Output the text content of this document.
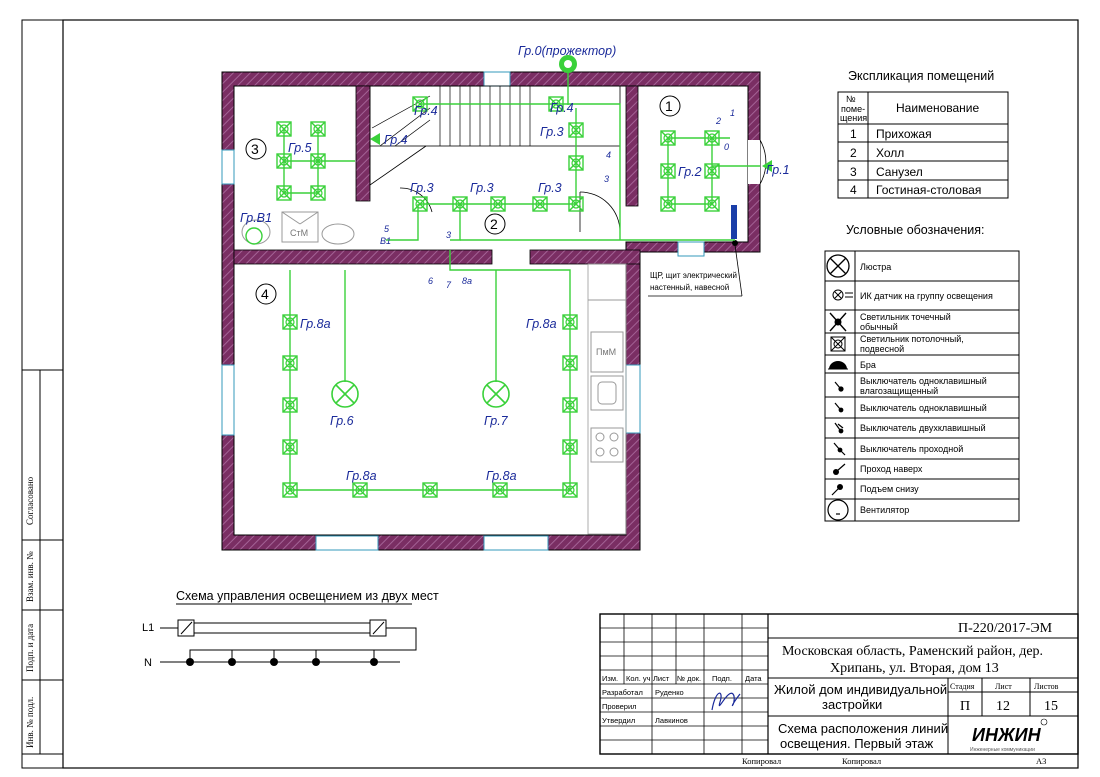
Согласовано
Взам. инв. №
Подп. и дата
Инв. № подл.
ПмМ
СтМ
ЩР, щит электрический
настенный, навесной
1
2
3
4
Гр.0(прожектор)
Гр.4	Гр.4
Гр.4
Гр.3
Гр.3	Гр.3	Гр.3
Гр.5
Гр.2	Гр.1
Гр.В1
Гр.8а	Гр.8а
Гр.8а	Гр.8а
Гр.6	Гр.7
1
2
0
4
3
5
В1
3
6 7 8а
Экспликация помещений
№
поме-
щения
Наименование
1 Прихожая
2 Холл
3 Санузел
4 Гостиная-столовая
Условные обозначения:
Люстра
ИК датчик на группу освещения
Светильник точечный
обычный
Светильник потолочный,
подвесной
Бра
Выключатель одноклавишный
влагозащищенный
Выключатель одноклавишный
Выключатель двухклавишный
Выключатель проходной
Проход наверх
Подъем снизу
Вентилятор
Схема управления освещением из двух мест
L1
N
Изм. Кол. уч Лист № док. Подп. Дата
Разработал Руденко
Проверил
Утвердил	Лавкинов
П-220/2017-ЭМ
Московская область, Раменский район, дер.
Хрипань, ул. Вторая, дом 13
Жилой дом индивидуальной
застройки
Схема расположения линий
освещения. Первый этаж
Стадия	Лист	Листов
П 12 15
ИНЖИН
Инженерные коммуникации
Копировал	Копировал	А3
